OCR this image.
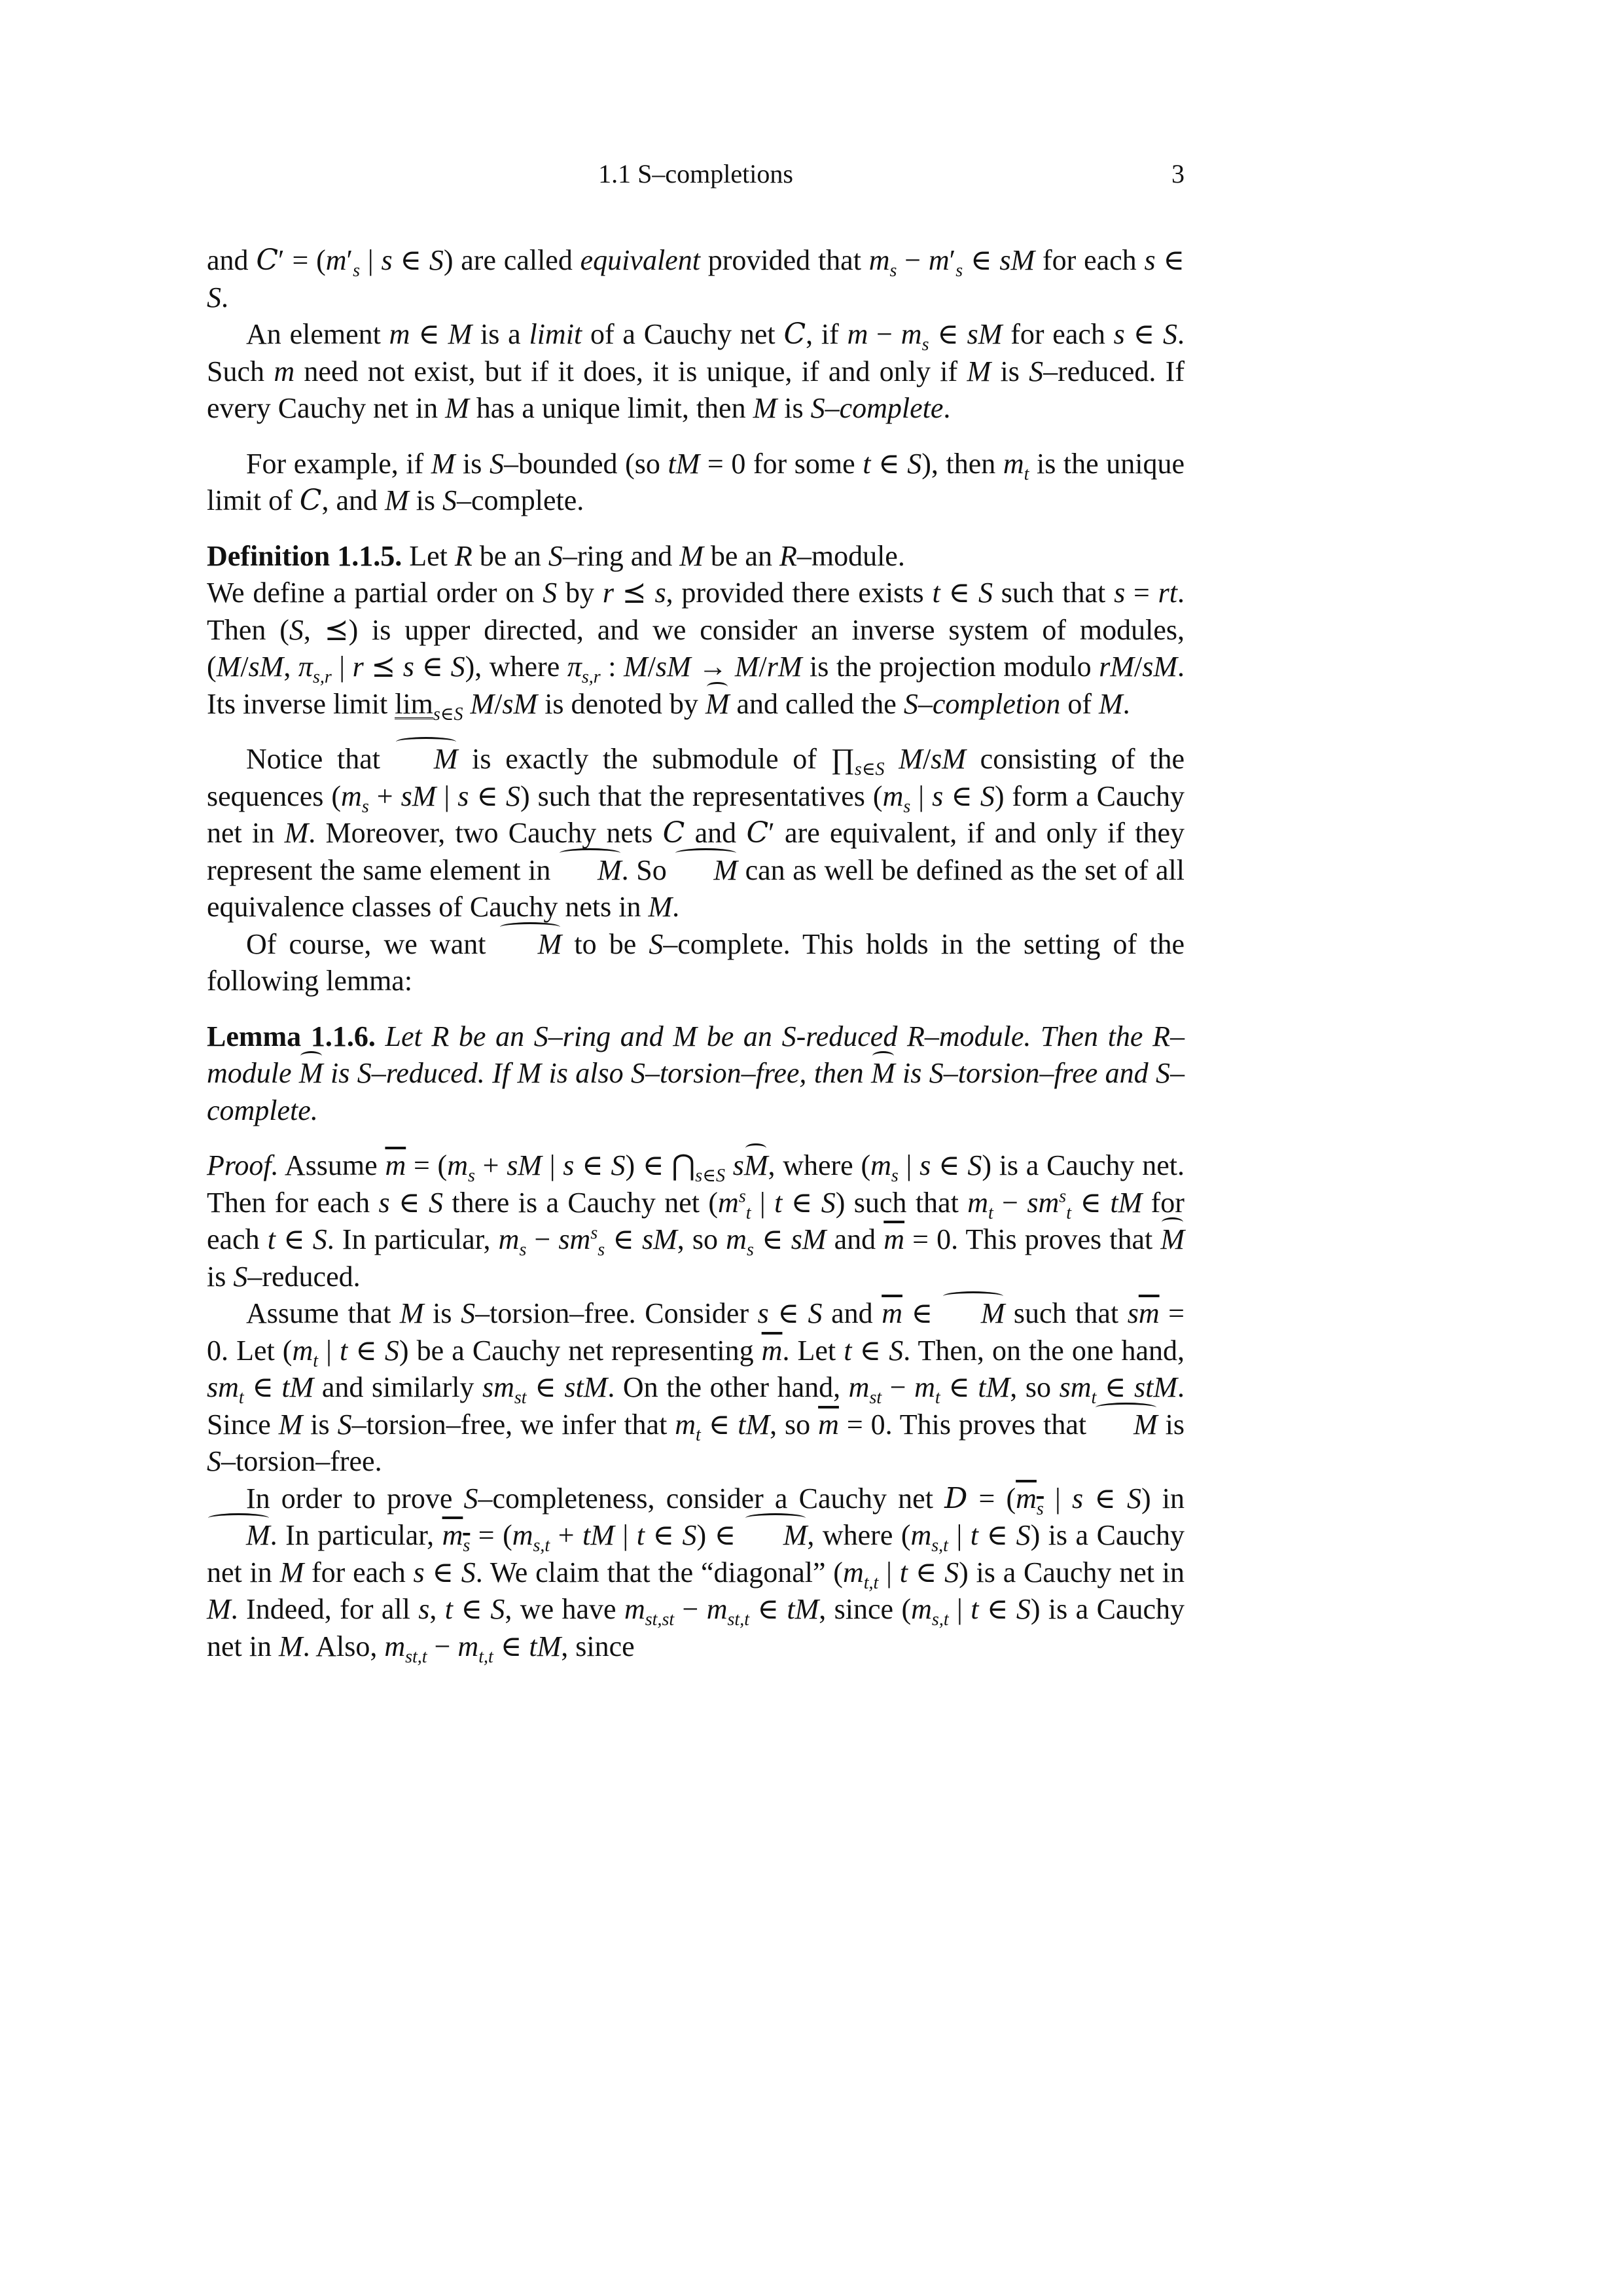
1.1 S–completions	3

and $C' = (m'_s$ | s ∈ S) are called equivalent provided that $m_s - m'_s$ ∈ sM for each s ∈ S.

An element m ∈ M is a limit of a Cauchy net C, if $m - m_s$ ∈ sM for each s ∈ S. Such m need not exist, but if it does, it is unique, if and only if M is S–reduced. If every Cauchy net in M has a unique limit, then M is S–complete.

For example, if M is S–bounded (so tM = 0 for some t ∈ S), then $m_t$ is the unique limit of C, and M is S–complete.

Definition 1.1.5. Let R be an S–ring and M be an R–module.
We define a partial order on S by r ⪯ s, provided there exists t ∈ S such that s = rt. Then (S, ⪯) is upper directed, and we consider an inverse system of modules, (M/sM, $\pi_{s,r}$ | r ⪯ s ∈ S), where $\pi_{s,r}$ : M/sM → M/rM is the projection modulo rM/sM. Its inverse limit $\lim_{s\in S} M/sM$ is denoted by M and called the S–completion of M.

Notice that M is exactly the submodule of $\prod_{s\in S}$ M/sM consisting of the sequences ($m_s$ + sM | s ∈ S) such that the representatives ($m_s$ | s ∈ S) form a Cauchy net in M. Moreover, two Cauchy nets C and C′ are equivalent, if and only if they represent the same element in M. So M can as well be defined as the set of all equivalence classes of Cauchy nets in M.

Of course, we want M to be S–complete. This holds in the setting of the following lemma:

Lemma 1.1.6. Let R be an S–ring and M be an S-reduced R–module. Then the R–module M is S–reduced. If M is also S–torsion–free, then M is S–torsion–free and S–complete.

Proof. Assume $\overline{m} = (m_s$ + sM | s ∈ S) ∈ $⋂_{s\in S}$ sM, where ($m_s$ | s ∈ S) is a Cauchy net. Then for each s ∈ S there is a Cauchy net ($m^s_t$ | t ∈ S) such that $m_t - sm^s_t$ ∈ tM for each t ∈ S. In particular, $m_s - sm^s_s$ ∈ sM, so $m_s$ ∈ sM and $\overline{m} = 0$. This proves that M is S–reduced.

Assume that M is S–torsion–free. Consider s ∈ S and $\overline{m}$ ∈ M such that $s\overline{m} = 0$. Let ($m_t$ | t ∈ S) be a Cauchy net representing $\overline{m}$. Let t ∈ S. Then, on the one hand, $sm_t$ ∈ tM and similarly $sm_{st}$ ∈ stM. On the other hand, $m_{st} - m_t$ ∈ tM, so $sm_t$ ∈ stM. Since M is S–torsion–free, we infer that $m_t$ ∈ tM, so $\overline{m} = 0$. This proves that M is S–torsion–free.

In order to prove S–completeness, consider a Cauchy net $D = (m_s$ | s ∈ S) in M. In particular, $m_s = (m_{s,t}$ + tM | t ∈ S) ∈ M, where ($m_{s,t}$ | t ∈ S) is a Cauchy net in M for each s ∈ S. We claim that the “diagonal” ($m_{t,t}$ | t ∈ S) is a Cauchy net in M. Indeed, for all s, t ∈ S, we have $m_{st,st} - m_{st,t}$ ∈ tM, since ($m_{s,t}$ | t ∈ S) is a Cauchy net in M. Also, $m_{st,t} - m_{t,t}$ ∈ tM, since
